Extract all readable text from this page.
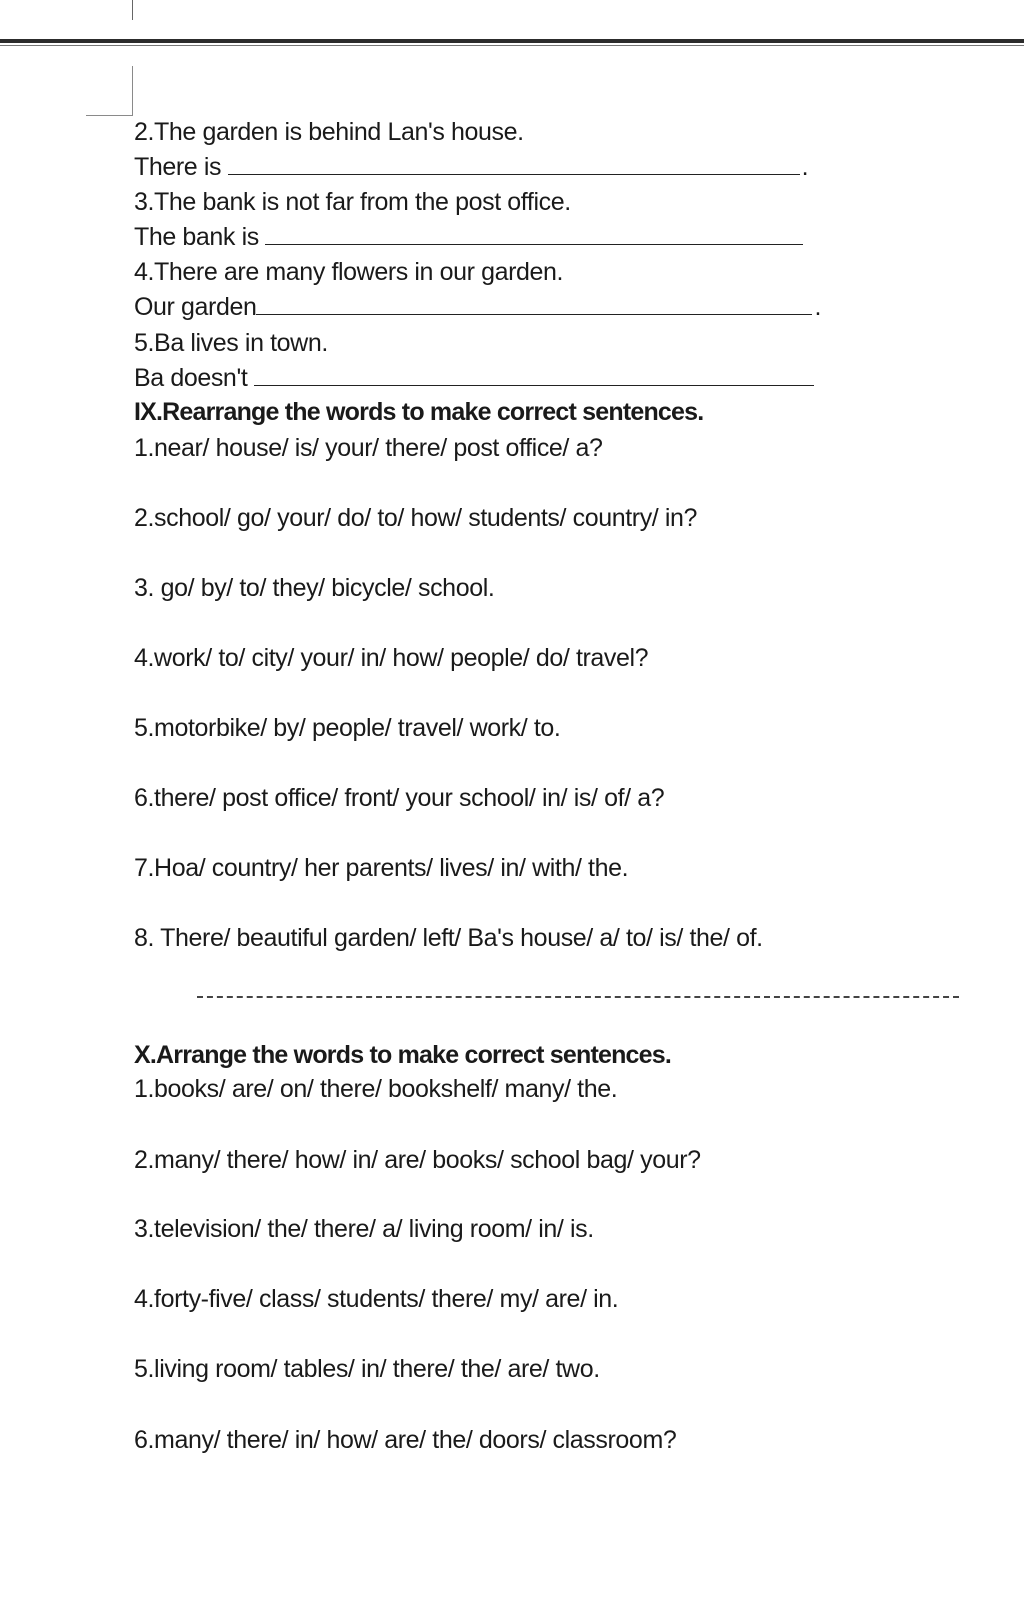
2.The garden is behind Lan's house.
There is	.
3.The bank is not far from the post office.
The bank is
4.There are many flowers in our garden.
Our garden	.
5.Ba lives in town.
Ba doesn't
IX.Rearrange the words to make correct sentences.
1.near/ house/ is/ your/ there/ post office/ a?
2.school/ go/ your/ do/ to/ how/ students/ country/ in?
3. go/ by/ to/ they/ bicycle/ school.
4.work/ to/ city/ your/ in/ how/ people/ do/ travel?
5.motorbike/ by/ people/ travel/ work/ to.
6.there/ post office/ front/ your school/ in/ is/ of/ a?
7.Hoa/ country/ her parents/ lives/ in/ with/ the.
8. There/ beautiful garden/ left/ Ba's house/ a/ to/ is/ the/ of.
X.Arrange the words to make correct sentences.
1.books/ are/ on/ there/ bookshelf/ many/ the.
2.many/ there/ how/ in/ are/ books/ school bag/ your?
3.television/ the/ there/ a/ living room/ in/ is.
4.forty-five/ class/ students/ there/ my/ are/ in.
5.living room/ tables/ in/ there/ the/ are/ two.
6.many/ there/ in/ how/ are/ the/ doors/ classroom?
